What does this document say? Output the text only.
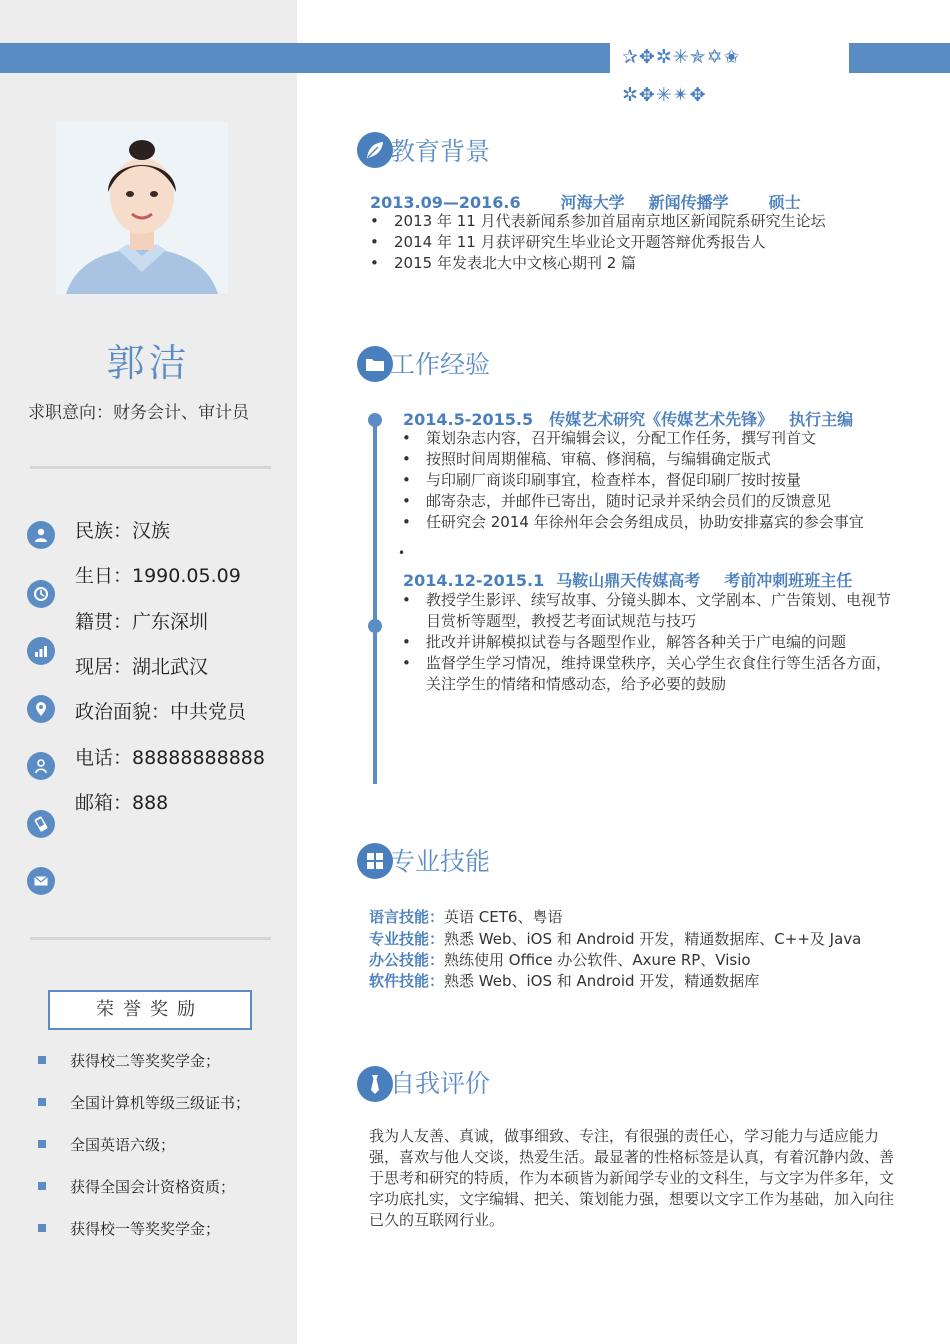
✰✥✲✳✯✡✬
✲✥✳✴✥
郭洁
求职意向：财务会计、审计员
民族：汉族
生日：1990.05.09
籍贯：广东深圳
现居：湖北武汉
政治面貌：中共党员
电话：88888888888
邮箱：888
荣誉奖励
获得校二等奖奖学金；
全国计算机等级三级证书；
全国英语六级；
获得全国会计资格资质；
获得校一等奖奖学金；
教育背景
2013.09—2016.6	河海大学 新闻传播学	硕士
• 2013 年 11 月代表新闻系参加首届南京地区新闻院系研究生论坛
• 2014 年 11 月获评研究生毕业论文开题答辩优秀报告人
• 2015 年发表北大中文核心期刊 2 篇
工作经验
2014.5-2015.5 传媒艺术研究《传媒艺术先锋》 执行主编
• 策划杂志内容，召开编辑会议，分配工作任务，撰写刊首文
• 按照时间周期催稿、审稿、修润稿，与编辑确定版式
• 与印刷厂商谈印刷事宜，检查样本，督促印刷厂按时按量
• 邮寄杂志，并邮件已寄出，随时记录并采纳会员们的反馈意见
• 任研究会 2014 年徐州年会会务组成员，协助安排嘉宾的参会事宜
•
2014.12-2015.1 马鞍山鼎天传媒高考 考前冲刺班班主任
• 教授学生影评、续写故事、分镜头脚本、文学剧本、广告策划、电视节目赏析等题型，教授艺考面试规范与技巧
• 批改并讲解模拟试卷与各题型作业，解答各种关于广电编的问题
• 监督学生学习情况，维持课堂秩序，关心学生衣食住行等生活各方面，关注学生的情绪和情感动态，给予必要的鼓励
专业技能
语言技能：英语 CET6、粤语
专业技能：熟悉 Web、iOS 和 Android 开发，精通数据库、C++及 Java
办公技能：熟练使用 Office 办公软件、Axure RP、Visio
软件技能：熟悉 Web、iOS 和 Android 开发，精通数据库
自我评价
我为人友善、真诚，做事细致、专注，有很强的责任心，学习能力与适应能力强，喜欢与他人交谈，热爱生活。最显著的性格标签是认真，有着沉静内敛、善于思考和研究的特质，作为本硕皆为新闻学专业的文科生，与文字为伴多年，文字功底扎实，文字编辑、把关、策划能力强，想要以文字工作为基础，加入向往已久的互联网行业。
